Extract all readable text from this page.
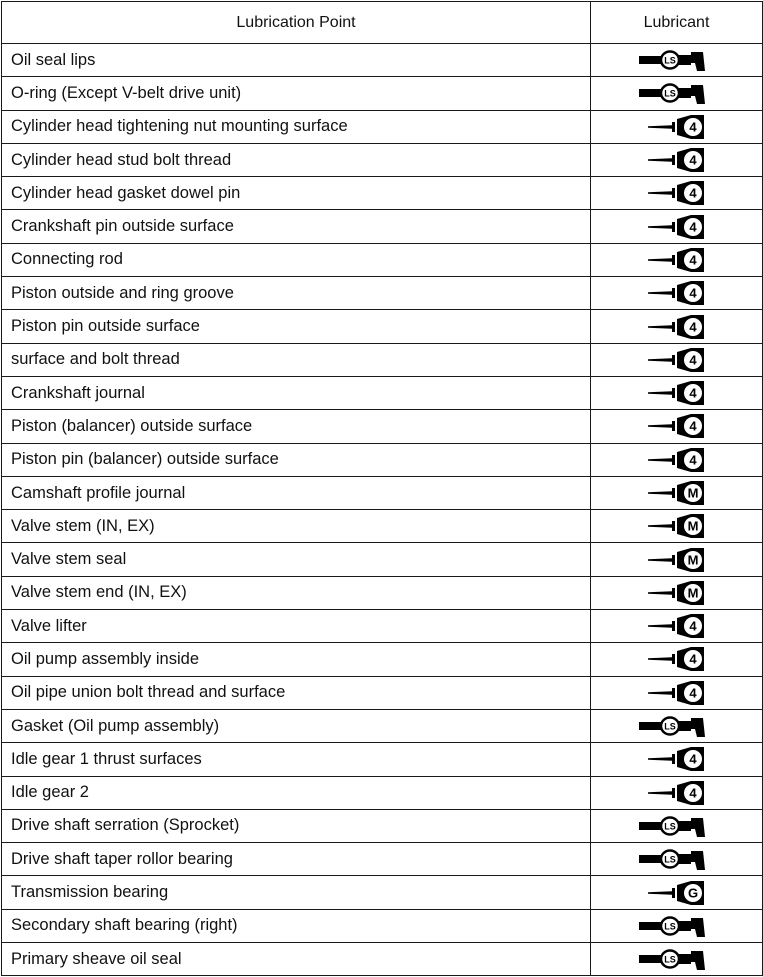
Lubrication Point	Lubricant
Oil seal lips	LS

O-ring (Except V-belt drive unit)	LS

Cylinder head tightening nut mounting surface	4

Cylinder head stud bolt thread	4

Cylinder head gasket dowel pin	4

Crankshaft pin outside surface	4

Connecting rod	4

Piston outside and ring groove	4

Piston pin outside surface	4

surface and bolt thread	4

Crankshaft journal	4

Piston (balancer) outside surface	4

Piston pin (balancer) outside surface	4

Camshaft profile journal	M

Valve stem (IN, EX)	M

Valve stem seal	M

Valve stem end (IN, EX)	M

Valve lifter	4

Oil pump assembly inside	4

Oil pipe union bolt thread and surface	4

Gasket (Oil pump assembly)	LS

Idle gear 1 thrust surfaces	4

Idle gear 2	4

Drive shaft serration (Sprocket)	LS

Drive shaft taper rollor bearing	LS

Transmission bearing	G

Secondary shaft bearing (right)	LS

Primary sheave oil seal	LS
